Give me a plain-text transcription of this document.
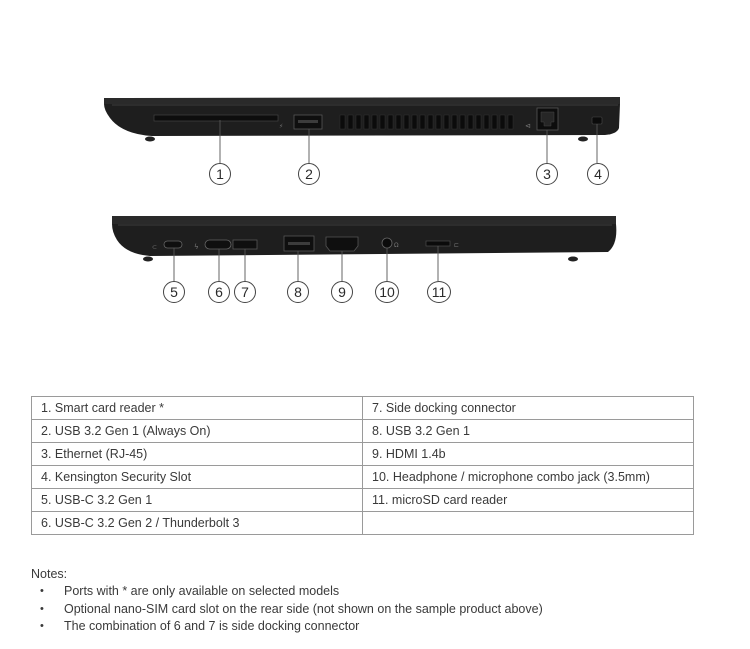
⚡	⊲
⊂	ϟ	Ω	⊏
1	2	3	4
5	6	7	8	9	10	11
1. Smart card reader *	7. Side docking connector
2. USB 3.2 Gen 1 (Always On)	8. USB 3.2 Gen 1
3. Ethernet (RJ-45)	9. HDMI 1.4b
4. Kensington Security Slot	10. Headphone / microphone combo jack (3.5mm)
5. USB-C 3.2 Gen 1	11. microSD card reader
6. USB-C 3.2 Gen 2 / Thunderbolt 3	
Notes:
• Ports with * are only available on selected models
• Optional nano-SIM card slot on the rear side (not shown on the sample product above)
• The combination of 6 and 7 is side docking connector
